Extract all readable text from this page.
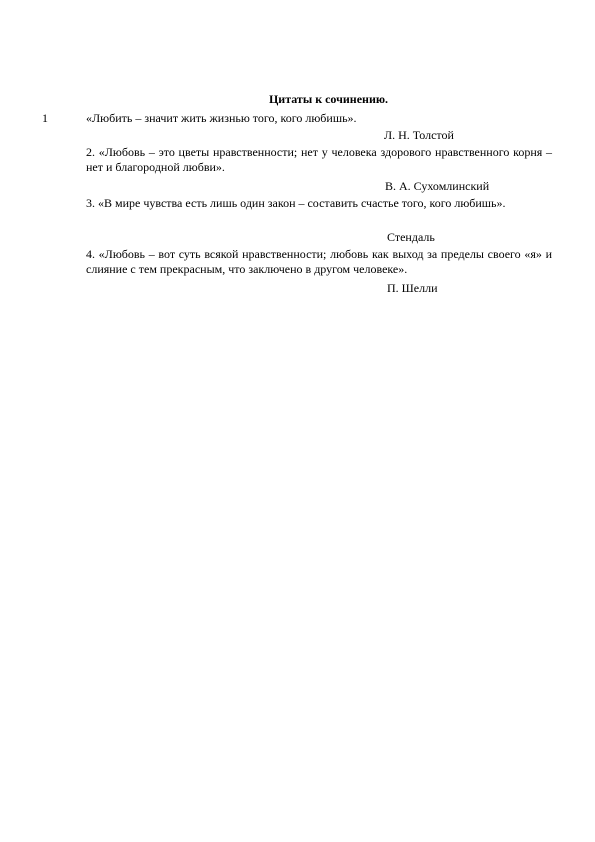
Цитаты к сочинению.
1	«Любить – значит жить жизнью того, кого любишь».
Л. Н. Толстой
2. «Любовь – это цветы нравственности; нет у человека здорового нравственного корня – нет и благородной любви».
В. А. Сухомлинский
3. «В мире чувства есть лишь один закон – составить счастье того, кого любишь».
Стендаль
4. «Любовь – вот суть всякой нравственности; любовь как выход за пределы своего «я» и слияние с тем прекрасным, что заключено в другом человеке».
П. Шелли
